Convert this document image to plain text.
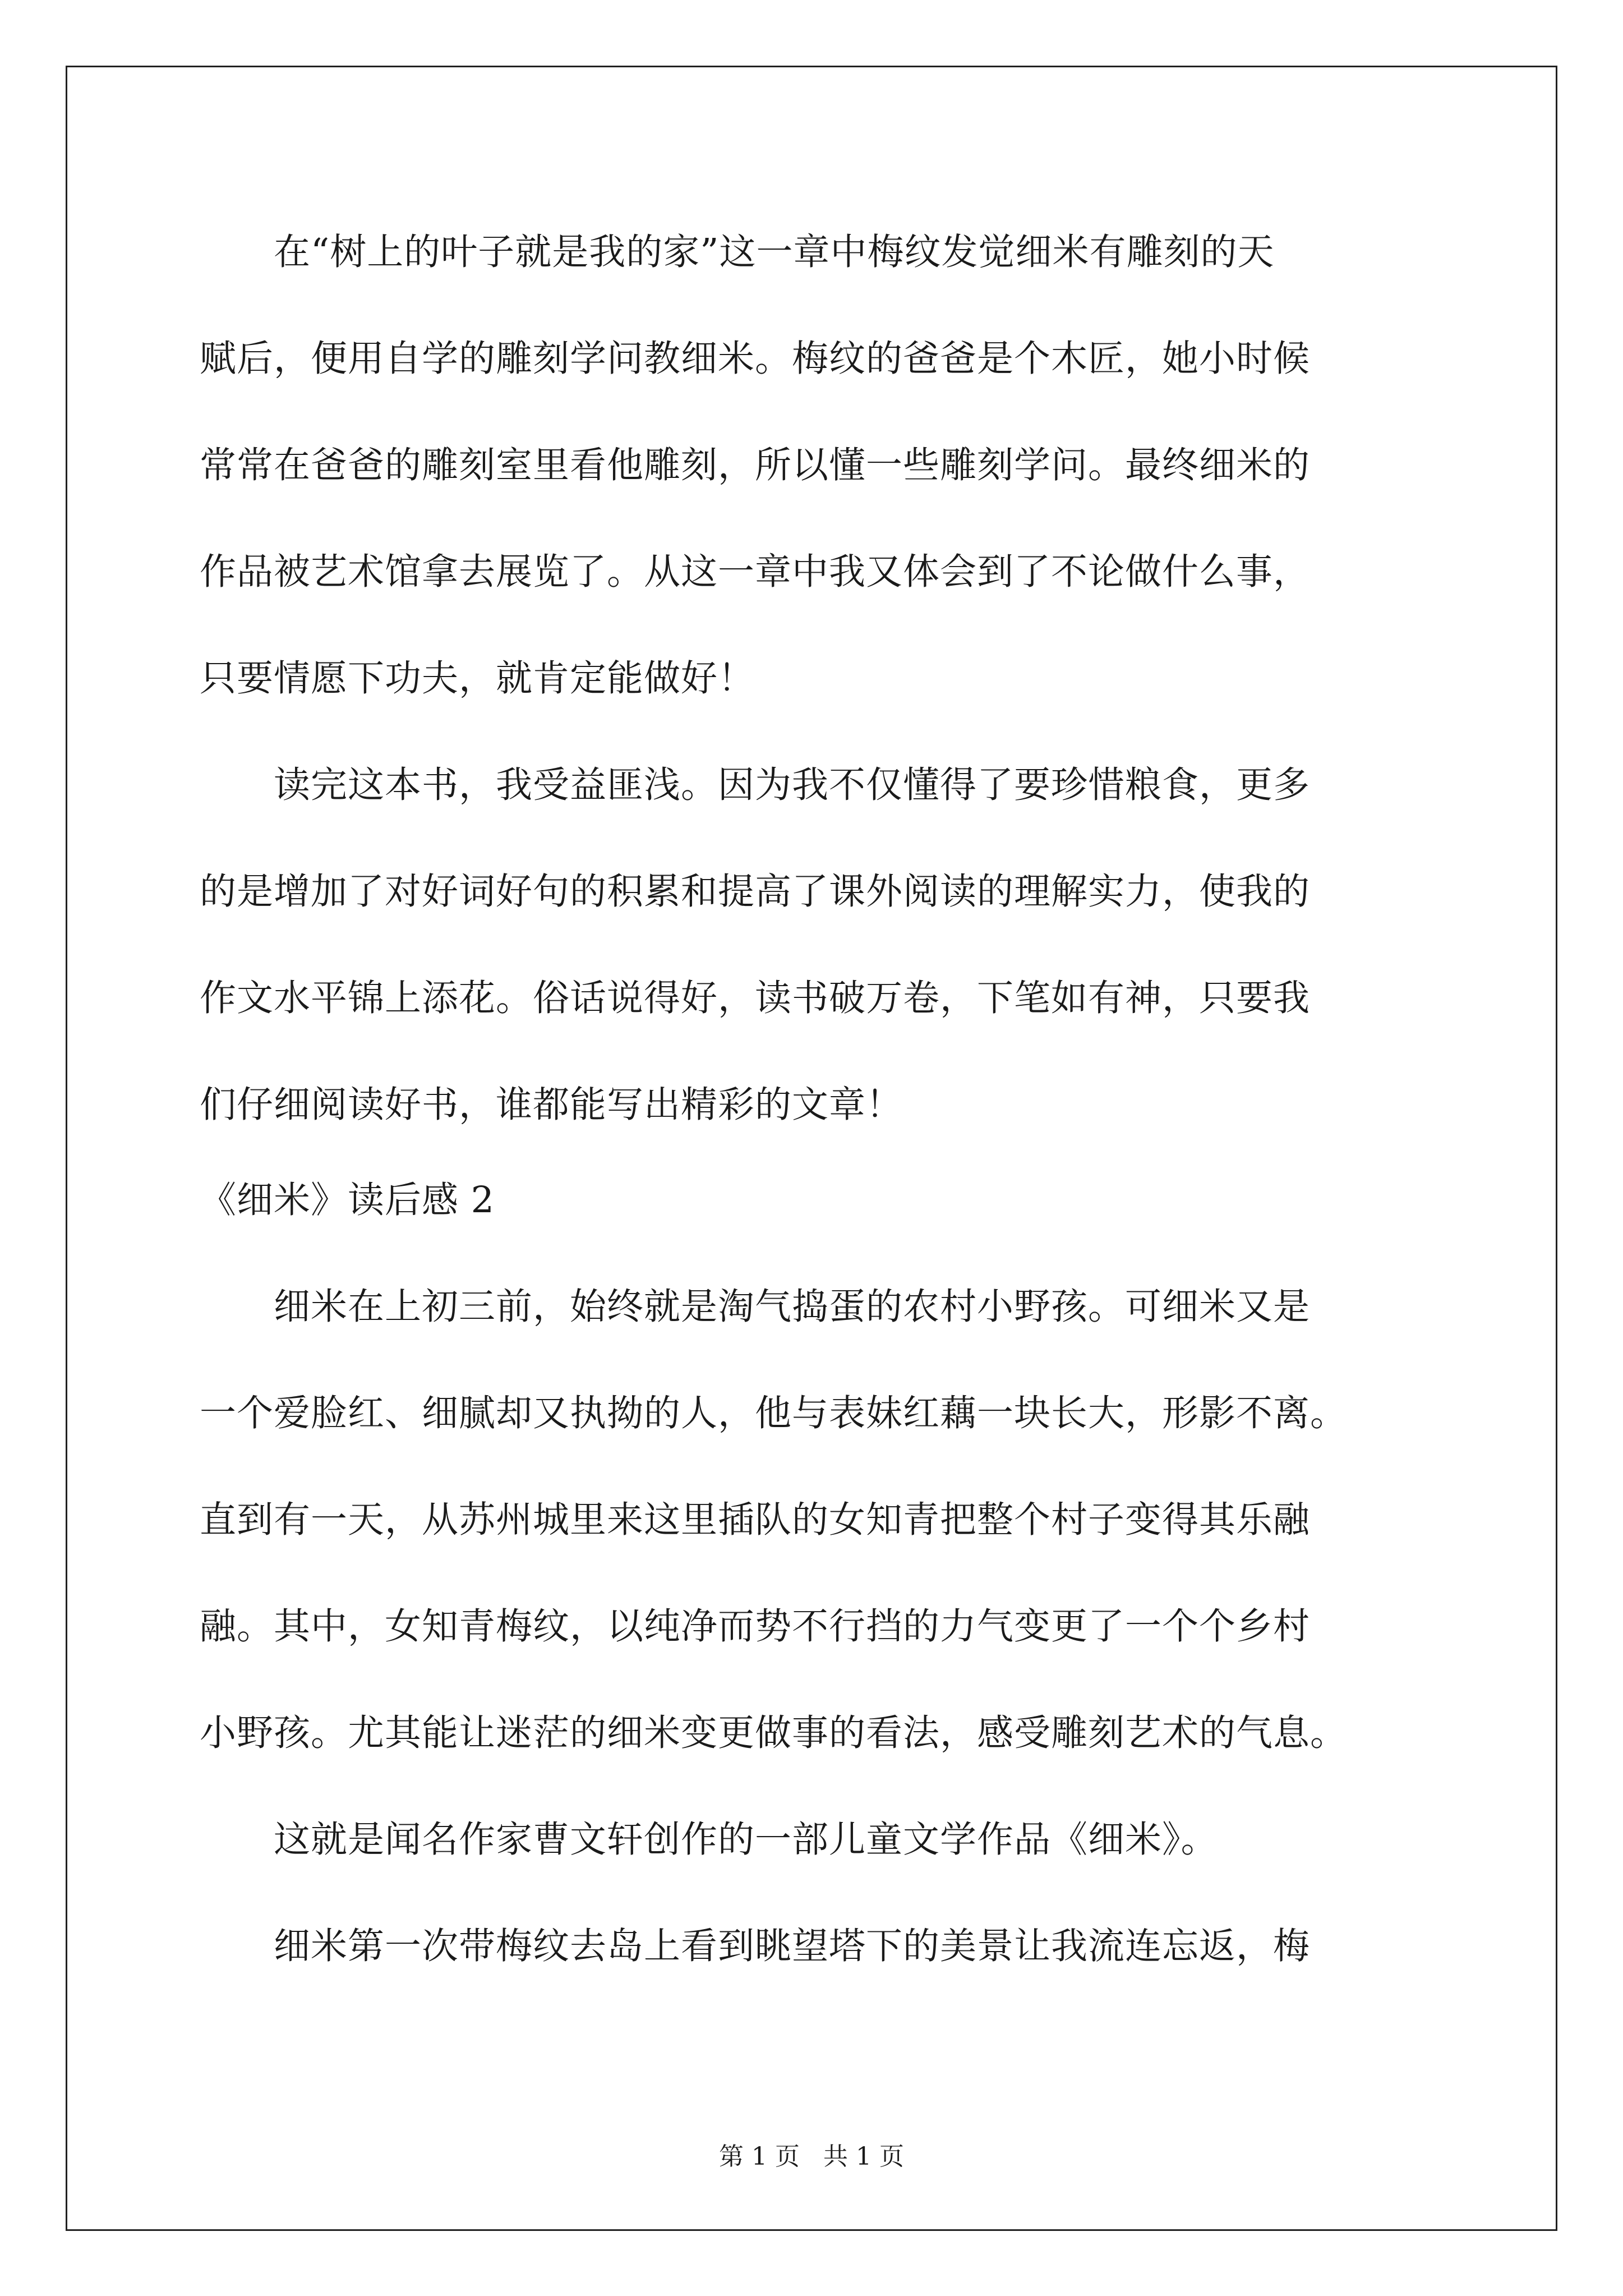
　　在“树上的叶子就是我的家”这一章中梅纹发觉细米有雕刻的天
赋后，便用自学的雕刻学问教细米。梅纹的爸爸是个木匠，她小时候
常常在爸爸的雕刻室里看他雕刻，所以懂一些雕刻学问。最终细米的
作品被艺术馆拿去展览了。从这一章中我又体会到了不论做什么事，
只要情愿下功夫，就肯定能做好！
　　读完这本书，我受益匪浅。因为我不仅懂得了要珍惜粮食，更多
的是增加了对好词好句的积累和提高了课外阅读的理解实力，使我的
作文水平锦上添花。俗话说得好，读书破万卷，下笔如有神，只要我
们仔细阅读好书，谁都能写出精彩的文章！
《细米》读后感 2
　　细米在上初三前，始终就是淘气捣蛋的农村小野孩。可细米又是
一个爱脸红、细腻却又执拗的人，他与表妹红藕一块长大，形影不离。
直到有一天，从苏州城里来这里插队的女知青把整个村子变得其乐融
融。其中，女知青梅纹，以纯净而势不行挡的力气变更了一个个乡村
小野孩。尤其能让迷茫的细米变更做事的看法，感受雕刻艺术的气息。
　　这就是闻名作家曹文轩创作的一部儿童文学作品《细米》。
　　细米第一次带梅纹去岛上看到眺望塔下的美景让我流连忘返，梅
第 1 页   共 1 页
